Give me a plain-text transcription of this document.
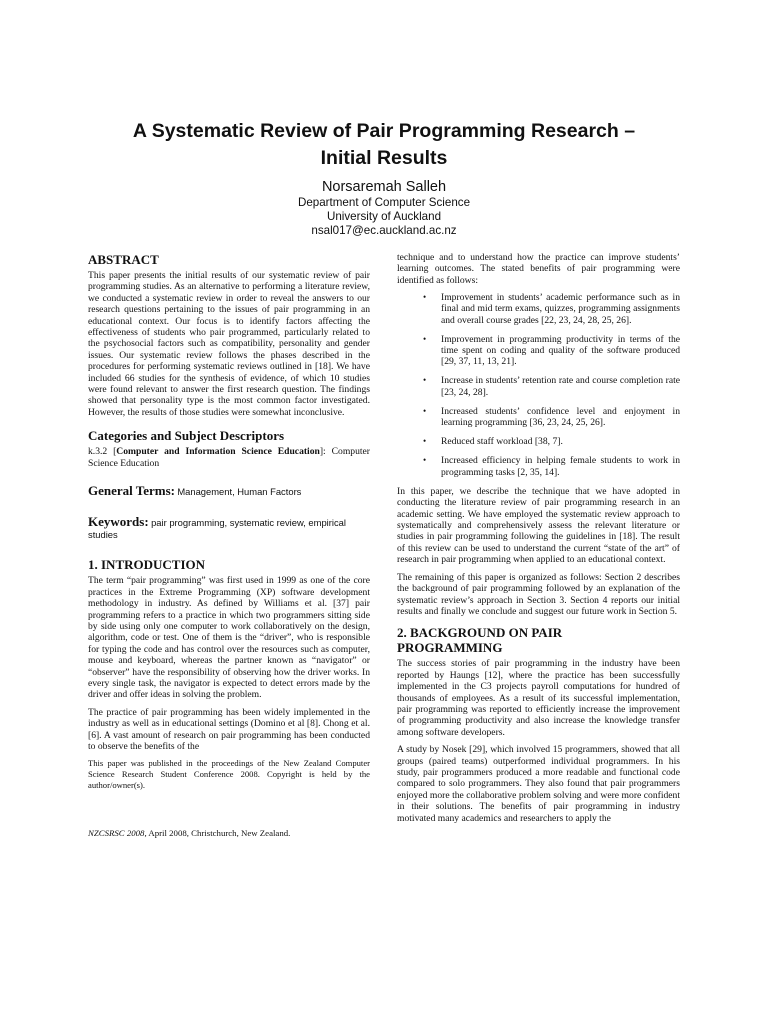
A Systematic Review of Pair Programming Research –
Initial Results
Norsaremah Salleh
Department of Computer Science
University of Auckland
nsal017@ec.auckland.ac.nz
ABSTRACT
This paper presents the initial results of our systematic review of pair programming studies. As an alternative to performing a literature review, we conducted a systematic review in order to reveal the answers to our research questions pertaining to the issues of pair programming in an educational context. Our focus is to identify factors affecting the effectiveness of students who pair programmed, particularly related to the psychosocial factors such as compatibility, personality and gender issues. Our systematic review follows the phases described in the procedures for performing systematic reviews outlined in [18]. We have included 66 studies for the synthesis of evidence, of which 10 studies were found relevant to answer the first research question. The findings showed that personality type is the most common factor investigated. However, the results of those studies were somewhat inconclusive.
Categories and Subject Descriptors
k.3.2 [Computer and Information Science Education]: Computer Science Education
General Terms: Management, Human Factors
Keywords: pair programming, systematic review, empirical studies
1. INTRODUCTION
The term “pair programming” was first used in 1999 as one of the core practices in the Extreme Programming (XP) software development methodology in industry. As defined by Williams et al. [37] pair programming refers to a practice in which two programmers sitting side by side using only one computer to work collaboratively on the design, algorithm, code or test. One of them is the “driver”, who is responsible for typing the code and has control over the resources such as computer, mouse and keyboard, whereas the partner known as “navigator” or “observer” have the responsibility of observing how the driver works. In every single task, the navigator is expected to detect errors made by the driver and offer ideas in solving the problem.
The practice of pair programming has been widely implemented in the industry as well as in educational settings (Domino et al [8]. Chong et al. [6]. A vast amount of research on pair programming has been conducted to observe the benefits of the
This paper was published in the proceedings of the New Zealand Computer Science Research Student Conference 2008. Copyright is held by the author/owner(s).
NZCSRSC 2008, April 2008, Christchurch, New Zealand.
technique and to understand how the practice can improve students’ learning outcomes. The stated benefits of pair programming were identified as follows:
• Improvement in students’ academic performance such as in final and mid term exams, quizzes, programming assignments and overall course grades [22, 23, 24, 28, 25, 26].
• Improvement in programming productivity in terms of the time spent on coding and quality of the software produced [29, 37, 11, 13, 21].
• Increase in students’ retention rate and course completion rate [23, 24, 28].
• Increased students’ confidence level and enjoyment in learning programming [36, 23, 24, 25, 26].
• Reduced staff workload [38, 7].
• Increased efficiency in helping female students to work in programming tasks [2, 35, 14].
In this paper, we describe the technique that we have adopted in conducting the literature review of pair programming research in an academic setting. We have employed the systematic review approach to systematically and comprehensively assess the relevant literature or studies in pair programming following the guidelines in [18]. The result of this review can be used to understand the current “state of the art” of research in pair programming when applied to an educational context.
The remaining of this paper is organized as follows: Section 2 describes the background of pair programming followed by an explanation of the systematic review’s approach in Section 3. Section 4 reports our initial results and finally we conclude and suggest our future work in Section 5.
2. BACKGROUND ON PAIR
PROGRAMMING
The success stories of pair programming in the industry have been reported by Haungs [12], where the practice has been successfully implemented in the C3 projects payroll computations for hundred of thousands of employees. As a result of its successful implementation, pair programming was reported to efficiently increase the improvement of programming productivity and also increase the knowledge transfer among software developers.
A study by Nosek [29], which involved 15 programmers, showed that all groups (paired teams) outperformed individual programmers. In his study, pair programmers produced a more readable and functional code compared to solo programmers. They also found that pair programmers enjoyed more the collaborative problem solving and were more confident in their solutions. The benefits of pair programming in industry motivated many academics and researchers to apply the
